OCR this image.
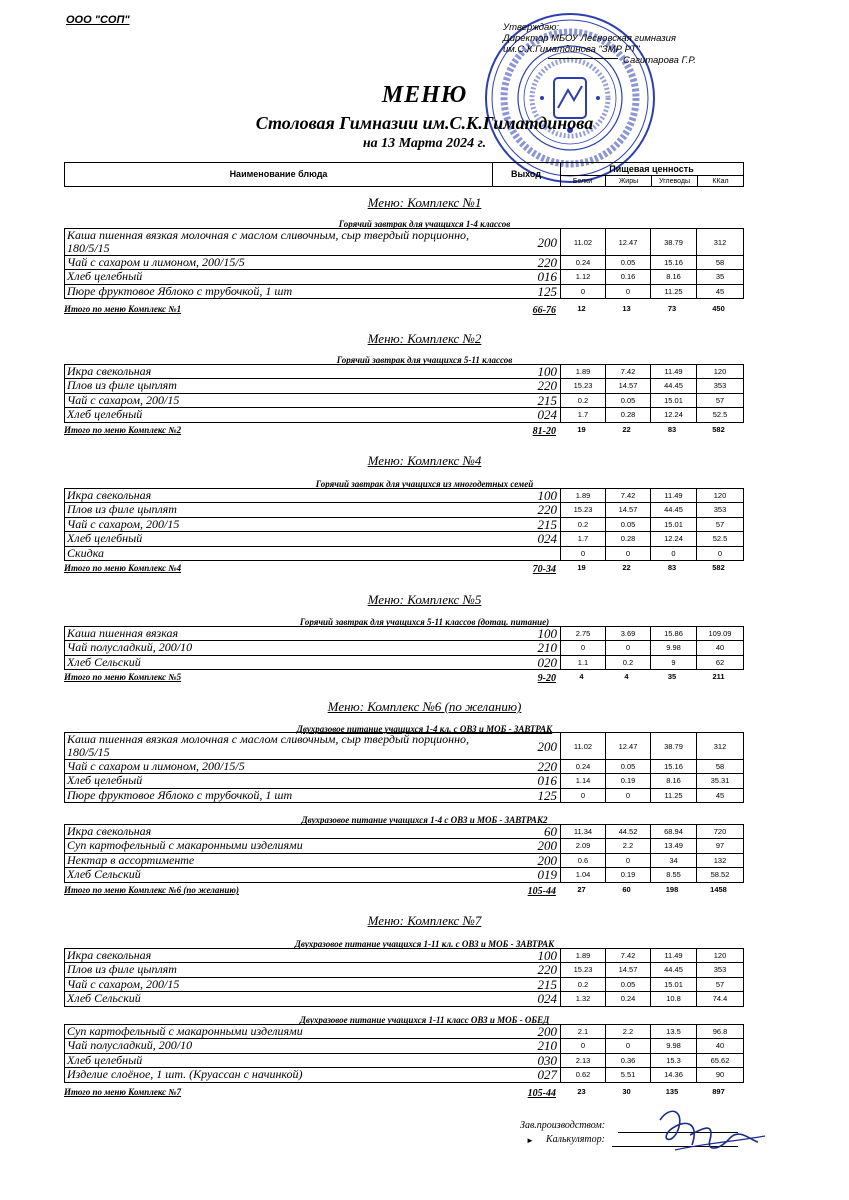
ООО "СОП"
Утверждаю:
Директор МБОУ Лесновская гимназия
им.С.К.Гиматдинова "ЗМР РТ"
Сагитарова Г.Р.
МЕНЮ
Столовая Гимназии им.С.К.Гиматдинова
на 13 Марта 2024 г.
Наименование блюда	Выход	Пищевая ценность
Белки	Жиры	Углеводы	ККал
Меню: Комплекс №1
Горячий завтрак для учащихся 1-4 классов
Каша пшенная вязкая молочная с маслом сливочным, сыр твердый порционно, 180/5/15	200	11.02	12.47	38.79	312
Чай с сахаром и лимоном, 200/15/5	220	0.24	0.05	15.16	58
Хлеб целебный	016	1.12	0.16	8.16	35
Пюре фруктовое Яблоко с трубочкой, 1 шт	125	0	0	11.25	45
Итого по меню Комплекс №1	66-76	12	13	73	450
Меню: Комплекс №2
Горячий завтрак для учащихся 5-11 классов
Икра свекольная	100	1.89	7.42	11.49	120
Плов из филе цыплят	220	15.23	14.57	44.45	353
Чай с сахаром, 200/15	215	0.2	0.05	15.01	57
Хлеб целебный	024	1.7	0.28	12.24	52.5
Итого по меню Комплекс №2	81-20	19	22	83	582
Меню: Комплекс №4
Горячий завтрак для учащихся из многодетных семей
Икра свекольная	100	1.89	7.42	11.49	120
Плов из филе цыплят	220	15.23	14.57	44.45	353
Чай с сахаром, 200/15	215	0.2	0.05	15.01	57
Хлеб целебный	024	1.7	0.28	12.24	52.5
Скидка	0	0	0	0
Итого по меню Комплекс №4	70-34	19	22	83	582
Меню: Комплекс №5
Горячий завтрак для учащихся 5-11 классов (дотац. питание)
Каша пшенная вязкая	100	2.75	3.69	15.86	109.09
Чай полусладкий, 200/10	210	0	0	9.98	40
Хлеб Сельский	020	1.1	0.2	9	62
Итого по меню Комплекс №5	9-20	4	4	35	211
Меню: Комплекс №6 (по желанию)
Двухразовое питание учащихся 1-4 кл. с ОВЗ и МОБ - ЗАВТРАК
Каша пшенная вязкая молочная с маслом сливочным, сыр твердый порционно, 180/5/15	200	11.02	12.47	38.79	312
Чай с сахаром и лимоном, 200/15/5	220	0.24	0.05	15.16	58
Хлеб целебный	016	1.14	0.19	8.16	35.31
Пюре фруктовое Яблоко с трубочкой, 1 шт	125	0	0	11.25	45
Двухразовое питание учащихся 1-4 с ОВЗ и МОБ - ЗАВТРАК2
Икра свекольная	60	11.34	44.52	68.94	720
Суп картофельный с макаронными изделиями	200	2.09	2.2	13.49	97
Нектар в ассортименте	200	0.6	0	34	132
Хлеб Сельский	019	1.04	0.19	8.55	58.52
Итого по меню Комплекс №6 (по желанию)	105-44	27	60	198	1458
Меню: Комплекс №7
Двухразовое питание учащихся 1-11 кл. с ОВЗ и МОБ - ЗАВТРАК
Икра свекольная	100	1.89	7.42	11.49	120
Плов из филе цыплят	220	15.23	14.57	44.45	353
Чай с сахаром, 200/15	215	0.2	0.05	15.01	57
Хлеб Сельский	024	1.32	0.24	10.8	74.4
Двухразовое питание учащихся 1-11 класс ОВЗ и МОБ - ОБЕД
Суп картофельный с макаронными изделиями	200	2.1	2.2	13.5	96.8
Чай полусладкий, 200/10	210	0	0	9.98	40
Хлеб целебный	030	2.13	0.36	15.3	65.62
Изделие слоёное, 1 шт. (Круассан с начинкой)	027	0.62	5.51	14.36	90
Итого по меню Комплекс №7	105-44	23	30	135	897
Зав.производством:
► Калькулятор:
